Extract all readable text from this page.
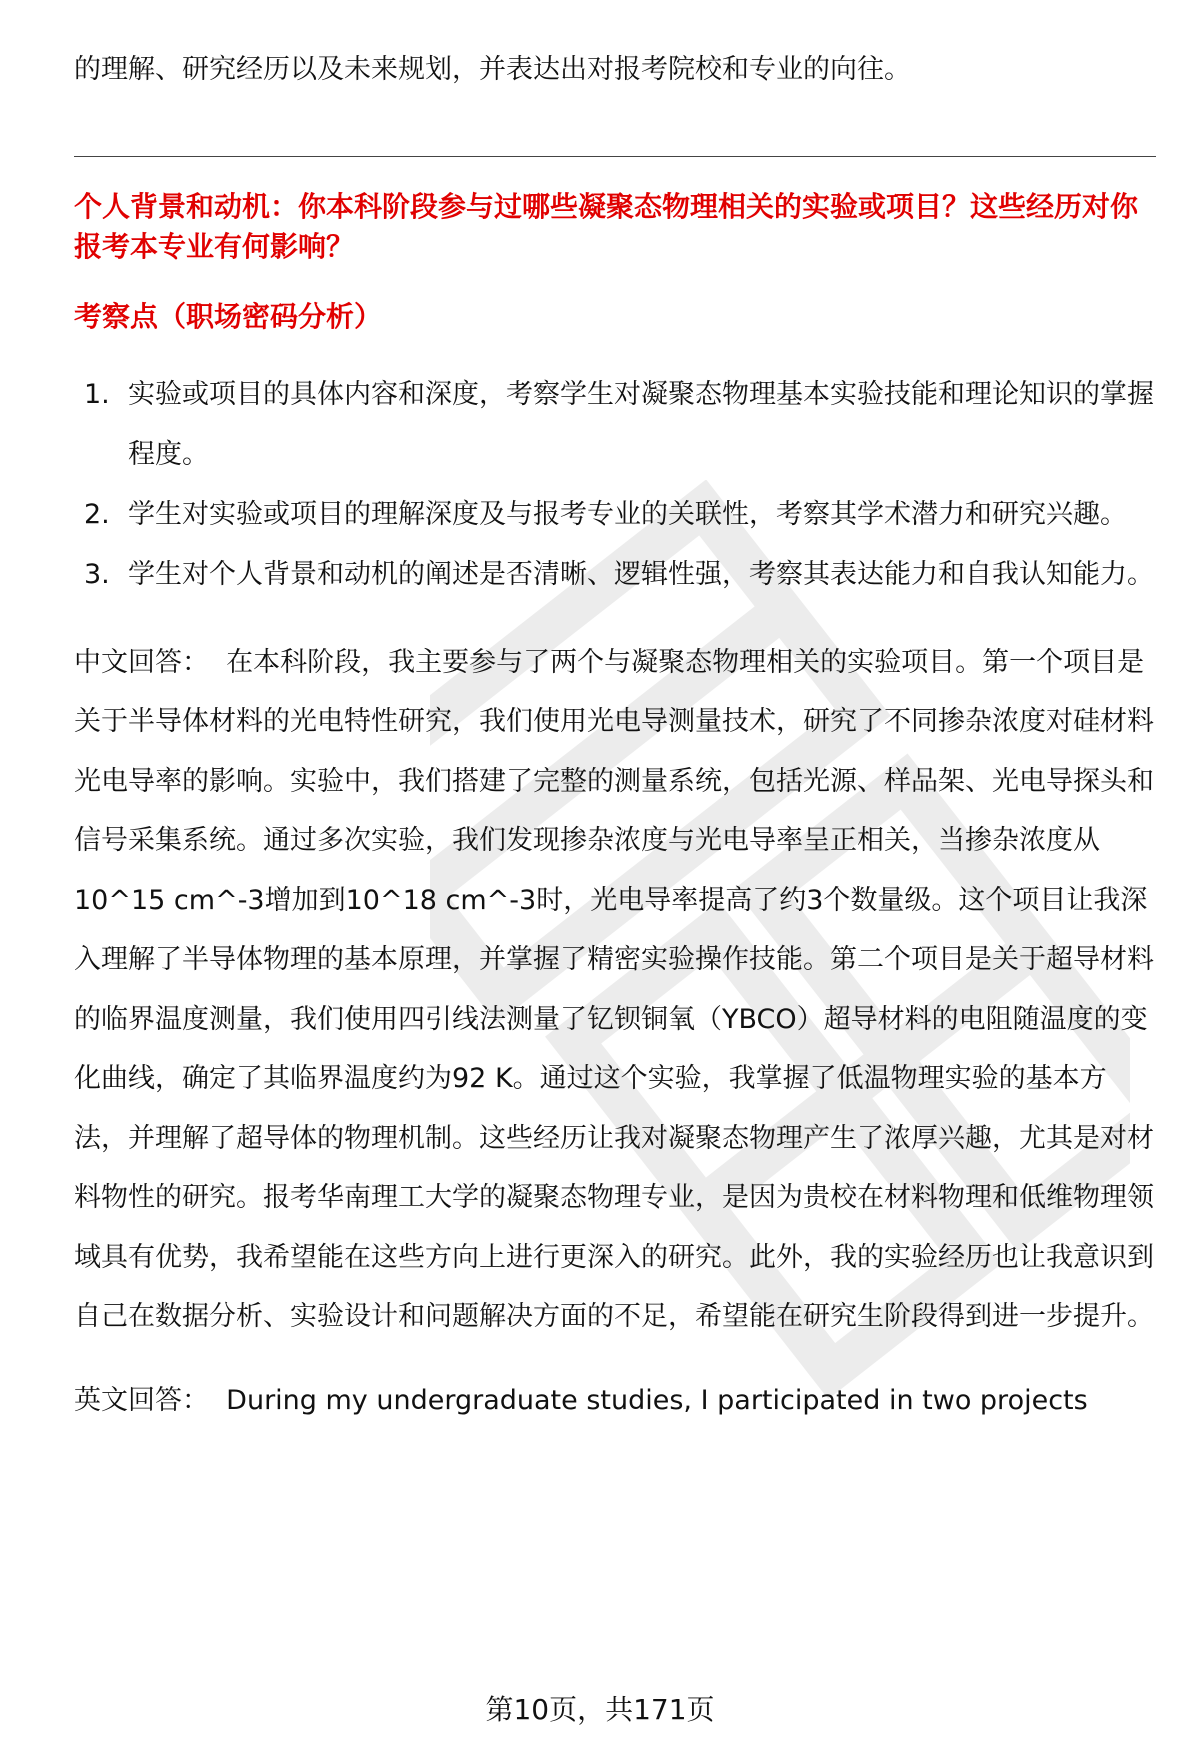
的理解、研究经历以及未来规划，并表达出对报考院校和专业的向往。

个人背景和动机：你本科阶段参与过哪些凝聚态物理相关的实验或项目？这些经历对你报考本专业有何影响？

考察点（职场密码分析）

1. 实验或项目的具体内容和深度，考察学生对凝聚态物理基本实验技能和理论知识的掌握程度。
2. 学生对实验或项目的理解深度及与报考专业的关联性，考察其学术潜力和研究兴趣。
3. 学生对个人背景和动机的阐述是否清晰、逻辑性强，考察其表达能力和自我认知能力。

中文回答： 在本科阶段，我主要参与了两个与凝聚态物理相关的实验项目。第一个项目是关于半导体材料的光电特性研究，我们使用光电导测量技术，研究了不同掺杂浓度对硅材料光电导率的影响。实验中，我们搭建了完整的测量系统，包括光源、样品架、光电导探头和信号采集系统。通过多次实验，我们发现掺杂浓度与光电导率呈正相关，当掺杂浓度从10^15 cm^-3增加到10^18 cm^-3时，光电导率提高了约3个数量级。这个项目让我深入理解了半导体物理的基本原理，并掌握了精密实验操作技能。第二个项目是关于超导材料的临界温度测量，我们使用四引线法测量了钇钡铜氧（YBCO）超导材料的电阻随温度的变化曲线，确定了其临界温度约为92 K。通过这个实验，我掌握了低温物理实验的基本方法，并理解了超导体的物理机制。这些经历让我对凝聚态物理产生了浓厚兴趣，尤其是对材料物性的研究。报考华南理工大学的凝聚态物理专业，是因为贵校在材料物理和低维物理领域具有优势，我希望能在这些方向上进行更深入的研究。此外，我的实验经历也让我意识到自己在数据分析、实验设计和问题解决方面的不足，希望能在研究生阶段得到进一步提升。

英文回答： During my undergraduate studies, I participated in two projects

第10页，共171页
